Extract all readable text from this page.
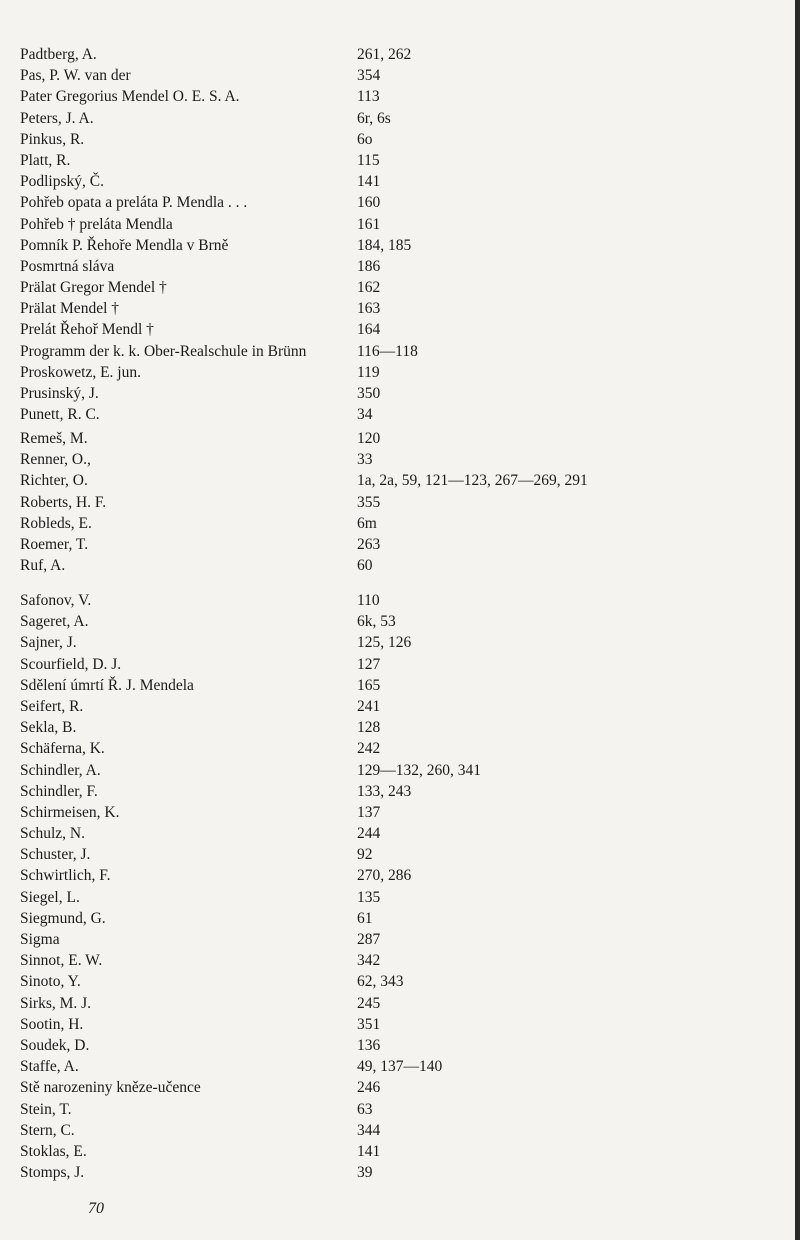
Padtberg, A.	261, 262
Pas, P. W. van der	354
Pater Gregorius Mendel O. E. S. A.	113
Peters, J. A.	6r, 6s
Pinkus, R.	6o
Platt, R.	115
Podlipský, Č.	141
Pohřeb opata a preláta P. Mendla . . .	160
Pohřeb † preláta Mendla	161
Pomník P. Řehoře Mendla v Brně	184, 185
Posmrtná sláva	186
Prälat Gregor Mendel †	162
Prälat Mendel †	163
Prelát Řehoř Mendl †	164
Programm der k. k. Ober-Realschule in Brünn	116—118
Proskowetz, E. jun.	119
Prusinský, J.	350
Punett, R. C.	34
Remeš, M.	120
Renner, O.,	33
Richter, O.	1a, 2a, 59, 121—123, 267—269, 291
Roberts, H. F.	355
Robleds, E.	6m
Roemer, T.	263
Ruf, A.	60
Safonov, V.	110
Sageret, A.	6k, 53
Sajner, J.	125, 126
Scourfield, D. J.	127
Sdělení úmrtí Ř. J. Mendela	165
Seifert, R.	241
Sekla, B.	128
Schäferna, K.	242
Schindler, A.	129—132, 260, 341
Schindler, F.	133, 243
Schirmeisen, K.	137
Schulz, N.	244
Schuster, J.	92
Schwirtlich, F.	270, 286
Siegel, L.	135
Siegmund, G.	61
Sigma	287
Sinnot, E. W.	342
Sinoto, Y.	62, 343
Sirks, M. J.	245
Sootin, H.	351
Soudek, D.	136
Staffe, A.	49, 137—140
Stě narozeniny kněze-učence	246
Stein, T.	63
Stern, C.	344
Stoklas, E.	141
Stomps, J.	39
70
